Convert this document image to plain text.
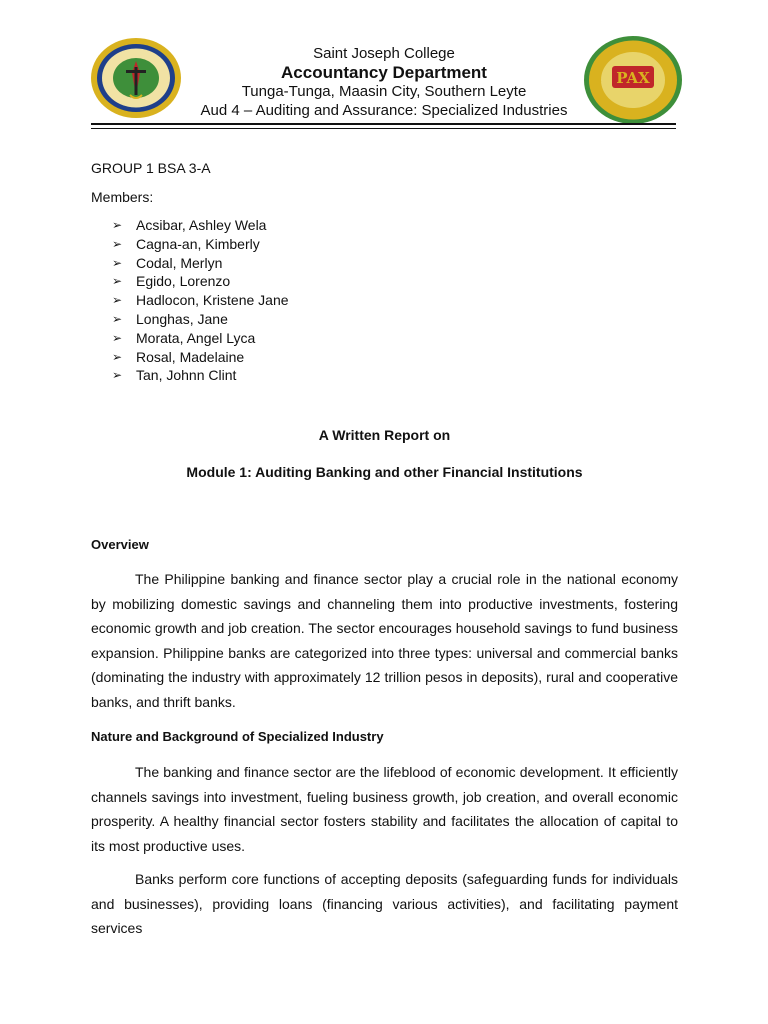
Saint Joseph College
Accountancy Department
Tunga-Tunga, Maasin City, Southern Leyte
Aud 4 – Auditing and Assurance: Specialized Industries
PAX
★	★
GROUP 1 BSA 3-A
Members:
➢ Acsibar, Ashley Wela
➢ Cagna-an, Kimberly
➢ Codal, Merlyn
➢ Egido, Lorenzo
➢ Hadlocon, Kristene Jane
➢ Longhas, Jane
➢ Morata, Angel Lyca
➢ Rosal, Madelaine
➢ Tan, Johnn Clint
A Written Report on
Module 1: Auditing Banking and other Financial Institutions
Overview

The Philippine banking and finance sector play a crucial role in the national economy by mobilizing domestic savings and channeling them into productive investments, fostering economic growth and job creation. The sector encourages household savings to fund business expansion. Philippine banks are categorized into three types: universal and commercial banks (dominating the industry with approximately 12 trillion pesos in deposits), rural and cooperative banks, and thrift banks.

Nature and Background of Specialized Industry

The banking and finance sector are the lifeblood of economic development. It efficiently channels savings into investment, fueling business growth, job creation, and overall economic prosperity. A healthy financial sector fosters stability and facilitates the allocation of capital to its most productive uses.

Banks perform core functions of accepting deposits (safeguarding funds for individuals and businesses), providing loans (financing various activities), and facilitating payment services
